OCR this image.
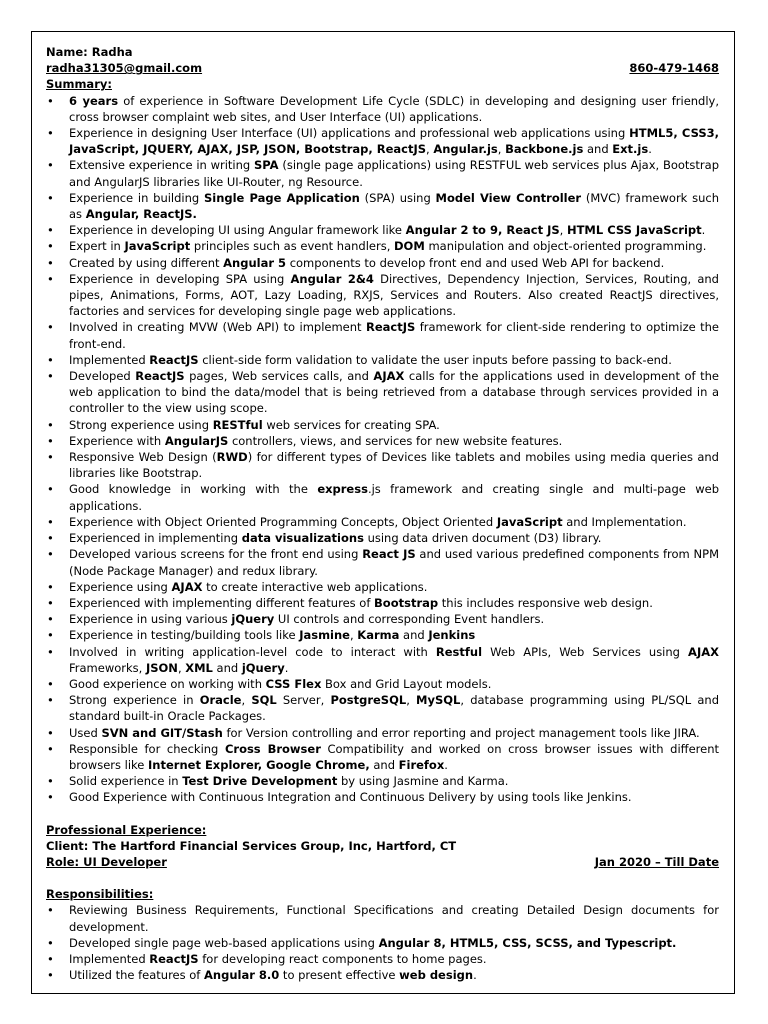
Name: Radha
radha31305@gmail.com	860-479-1468
Summary:
• 6 years of experience in Software Development Life Cycle (SDLC) in developing and designing user friendly, cross browser complaint web sites, and User Interface (UI) applications.
• Experience in designing User Interface (UI) applications and professional web applications using HTML5, CSS3, JavaScript, JQUERY, AJAX, JSP, JSON, Bootstrap, ReactJS, Angular.js, Backbone.js and Ext.js.
• Extensive experience in writing SPA (single page applications) using RESTFUL web services plus Ajax, Bootstrap and AngularJS libraries like UI-Router, ng Resource.
• Experience in building Single Page Application (SPA) using Model View Controller (MVC) framework such as Angular, ReactJS.
• Experience in developing UI using Angular framework like Angular 2 to 9, React JS, HTML CSS JavaScript.
• Expert in JavaScript principles such as event handlers, DOM manipulation and object-oriented programming.
• Created by using different Angular 5 components to develop front end and used Web API for backend.
• Experience in developing SPA using Angular 2&4 Directives, Dependency Injection, Services, Routing, and pipes, Animations, Forms, AOT, Lazy Loading, RXJS, Services and Routers. Also created ReactJS directives, factories and services for developing single page web applications.
• Involved in creating MVW (Web API) to implement ReactJS framework for client-side rendering to optimize the front-end.
• Implemented ReactJS client-side form validation to validate the user inputs before passing to back-end.
• Developed ReactJS pages, Web services calls, and AJAX calls for the applications used in development of the web application to bind the data/model that is being retrieved from a database through services provided in a controller to the view using scope.
• Strong experience using RESTful web services for creating SPA.
• Experience with AngularJS controllers, views, and services for new website features.
• Responsive Web Design (RWD) for different types of Devices like tablets and mobiles using media queries and libraries like Bootstrap.
• Good knowledge in working with the express.js framework and creating single and multi-page web applications.
• Experience with Object Oriented Programming Concepts, Object Oriented JavaScript and Implementation.
• Experienced in implementing data visualizations using data driven document (D3) library.
• Developed various screens for the front end using React JS and used various predefined components from NPM (Node Package Manager) and redux library.
• Experience using AJAX to create interactive web applications.
• Experienced with implementing different features of Bootstrap this includes responsive web design.
• Experience in using various jQuery UI controls and corresponding Event handlers.
• Experience in testing/building tools like Jasmine, Karma and Jenkins
• Involved in writing application-level code to interact with Restful Web APIs, Web Services using AJAX Frameworks, JSON, XML and jQuery.
• Good experience on working with CSS Flex Box and Grid Layout models.
• Strong experience in Oracle, SQL Server, PostgreSQL, MySQL, database programming using PL/SQL and standard built-in Oracle Packages.
• Used SVN and GIT/Stash for Version controlling and error reporting and project management tools like JIRA.
• Responsible for checking Cross Browser Compatibility and worked on cross browser issues with different browsers like Internet Explorer, Google Chrome, and Firefox.
• Solid experience in Test Drive Development by using Jasmine and Karma.
• Good Experience with Continuous Integration and Continuous Delivery by using tools like Jenkins.
Professional Experience:
Client: The Hartford Financial Services Group, Inc, Hartford, CT
Role: UI Developer	Jan 2020 – Till Date
Responsibilities:
• Reviewing Business Requirements, Functional Specifications and creating Detailed Design documents for development.
• Developed single page web-based applications using Angular 8, HTML5, CSS, SCSS, and Typescript.
• Implemented ReactJS for developing react components to home pages.
• Utilized the features of Angular 8.0 to present effective web design.
